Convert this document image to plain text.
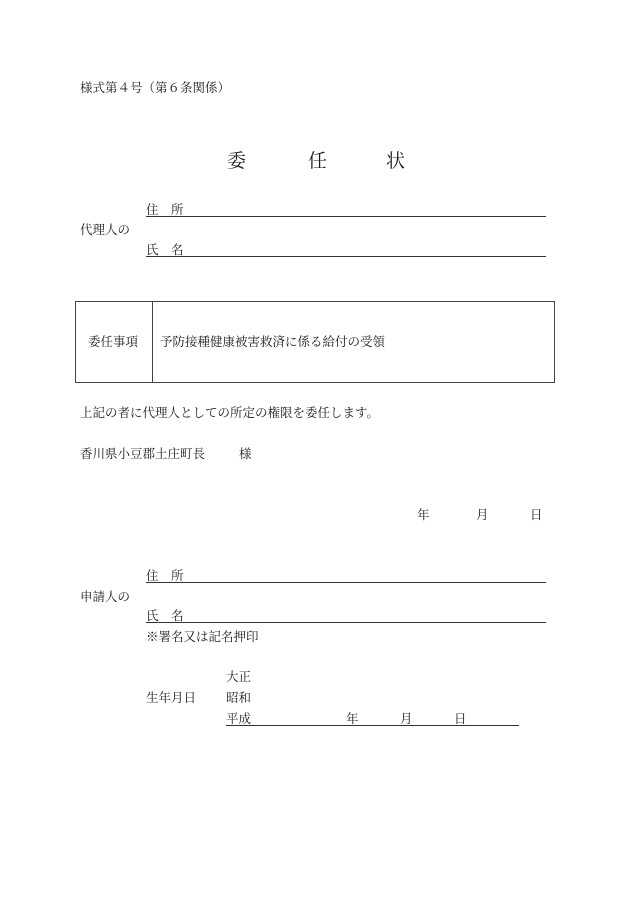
様式第４号（第６条関係）
委	任	状
住　所
代理人の
氏　名
委任事項 予防接種健康被害救済に係る給付の受領
上記の者に代理人としての所定の権限を委任します。
香川県小豆郡土庄町長	様
年	月	日
住　所
申請人の
氏　名
※署名又は記名押印
大正
生年月日 昭和
平成	年	月	日
